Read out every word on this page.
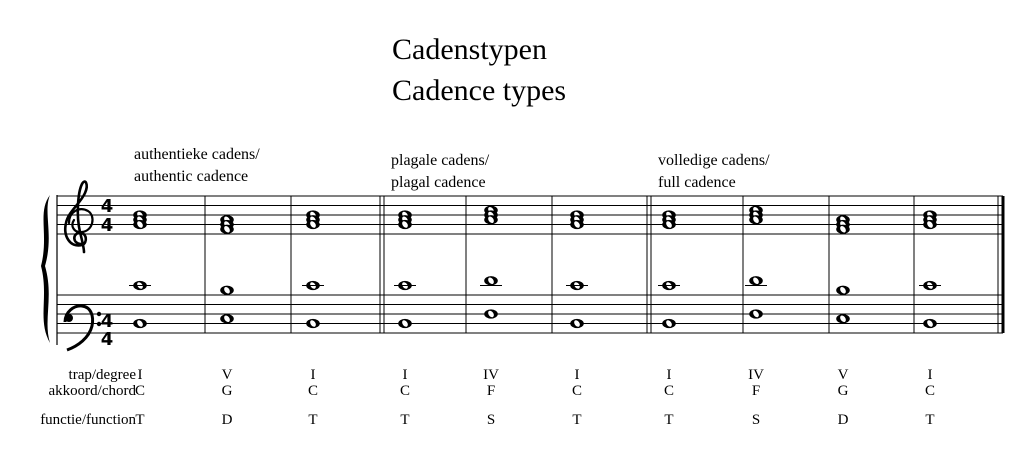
Cadenstypen
Cadence types
authentieke cadens/
authentic cadence
plagale cadens/
plagal cadence
volledige cadens/
full cadence
4
4
4
4
trap/degree
akkoord/chord
functie/function
I
C
T
V
G
D
I
C
T
I
C
T
IV
F
S
I
C
T
I
C
T
IV
F
S
V
G
D
I
C
T
